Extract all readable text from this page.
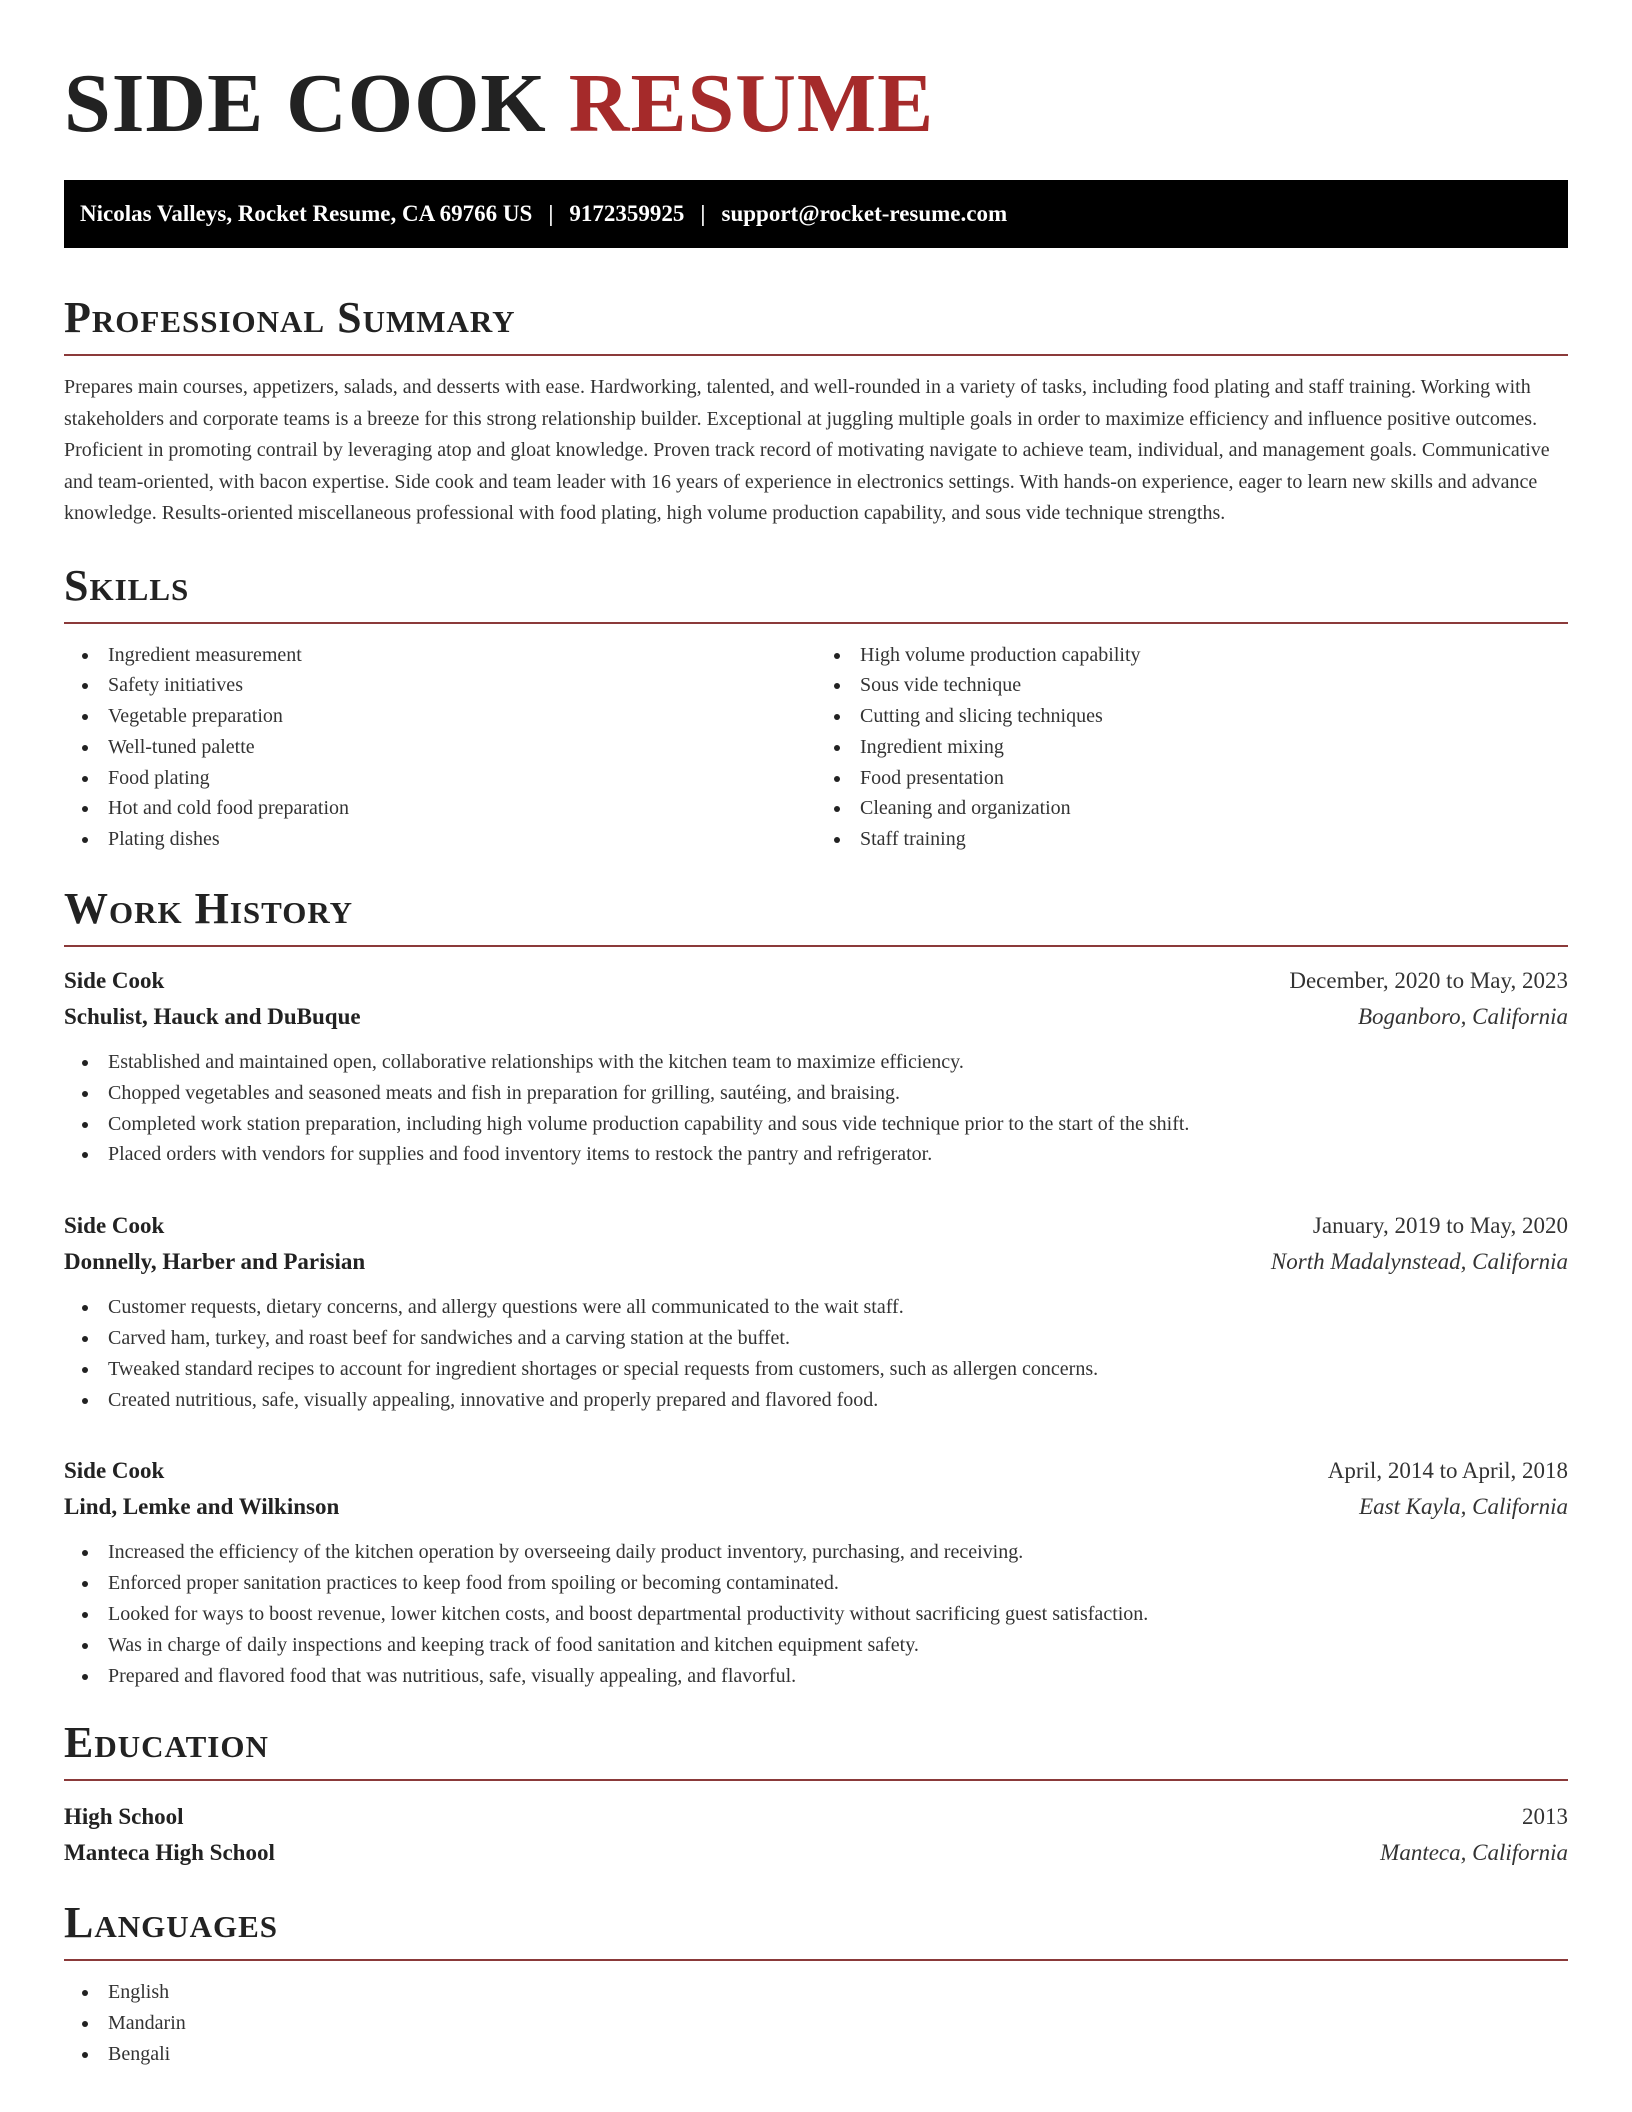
SIDE COOK RESUME
Nicolas Valleys, Rocket Resume, CA 69766 US | 9172359925 | support@rocket-resume.com
Professional Summary

Prepares main courses, appetizers, salads, and desserts with ease. Hardworking, talented, and well-rounded in a variety of tasks, including food plating and staff training. Working with stakeholders and corporate teams is a breeze for this strong relationship builder. Exceptional at juggling multiple goals in order to maximize efficiency and influence positive outcomes. Proficient in promoting contrail by leveraging atop and gloat knowledge. Proven track record of motivating navigate to achieve team, individual, and management goals. Communicative and team-oriented, with bacon expertise. Side cook and team leader with 16 years of experience in electronics settings. With hands-on experience, eager to learn new skills and advance knowledge. Results-oriented miscellaneous professional with food plating, high volume production capability, and sous vide technique strengths.

Skills
Ingredient measurement
Safety initiatives
Vegetable preparation
Well-tuned palette
Food plating
Hot and cold food preparation
Plating dishes
High volume production capability
Sous vide technique
Cutting and slicing techniques
Ingredient mixing
Food presentation
Cleaning and organization
Staff training
Work History
Side Cook	December, 2020 to May, 2023
Schulist, Hauck and DuBuque	Boganboro, California
Established and maintained open, collaborative relationships with the kitchen team to maximize efficiency.
Chopped vegetables and seasoned meats and fish in preparation for grilling, sautéing, and braising.
Completed work station preparation, including high volume production capability and sous vide technique prior to the start of the shift.
Placed orders with vendors for supplies and food inventory items to restock the pantry and refrigerator.
Side Cook	January, 2019 to May, 2020
Donnelly, Harber and Parisian	North Madalynstead, California
Customer requests, dietary concerns, and allergy questions were all communicated to the wait staff.
Carved ham, turkey, and roast beef for sandwiches and a carving station at the buffet.
Tweaked standard recipes to account for ingredient shortages or special requests from customers, such as allergen concerns.
Created nutritious, safe, visually appealing, innovative and properly prepared and flavored food.
Side Cook	April, 2014 to April, 2018
Lind, Lemke and Wilkinson	East Kayla, California
Increased the efficiency of the kitchen operation by overseeing daily product inventory, purchasing, and receiving.
Enforced proper sanitation practices to keep food from spoiling or becoming contaminated.
Looked for ways to boost revenue, lower kitchen costs, and boost departmental productivity without sacrificing guest satisfaction.
Was in charge of daily inspections and keeping track of food sanitation and kitchen equipment safety.
Prepared and flavored food that was nutritious, safe, visually appealing, and flavorful.
Education
High School	2013
Manteca High School	Manteca, California
Languages
English
Mandarin
Bengali
